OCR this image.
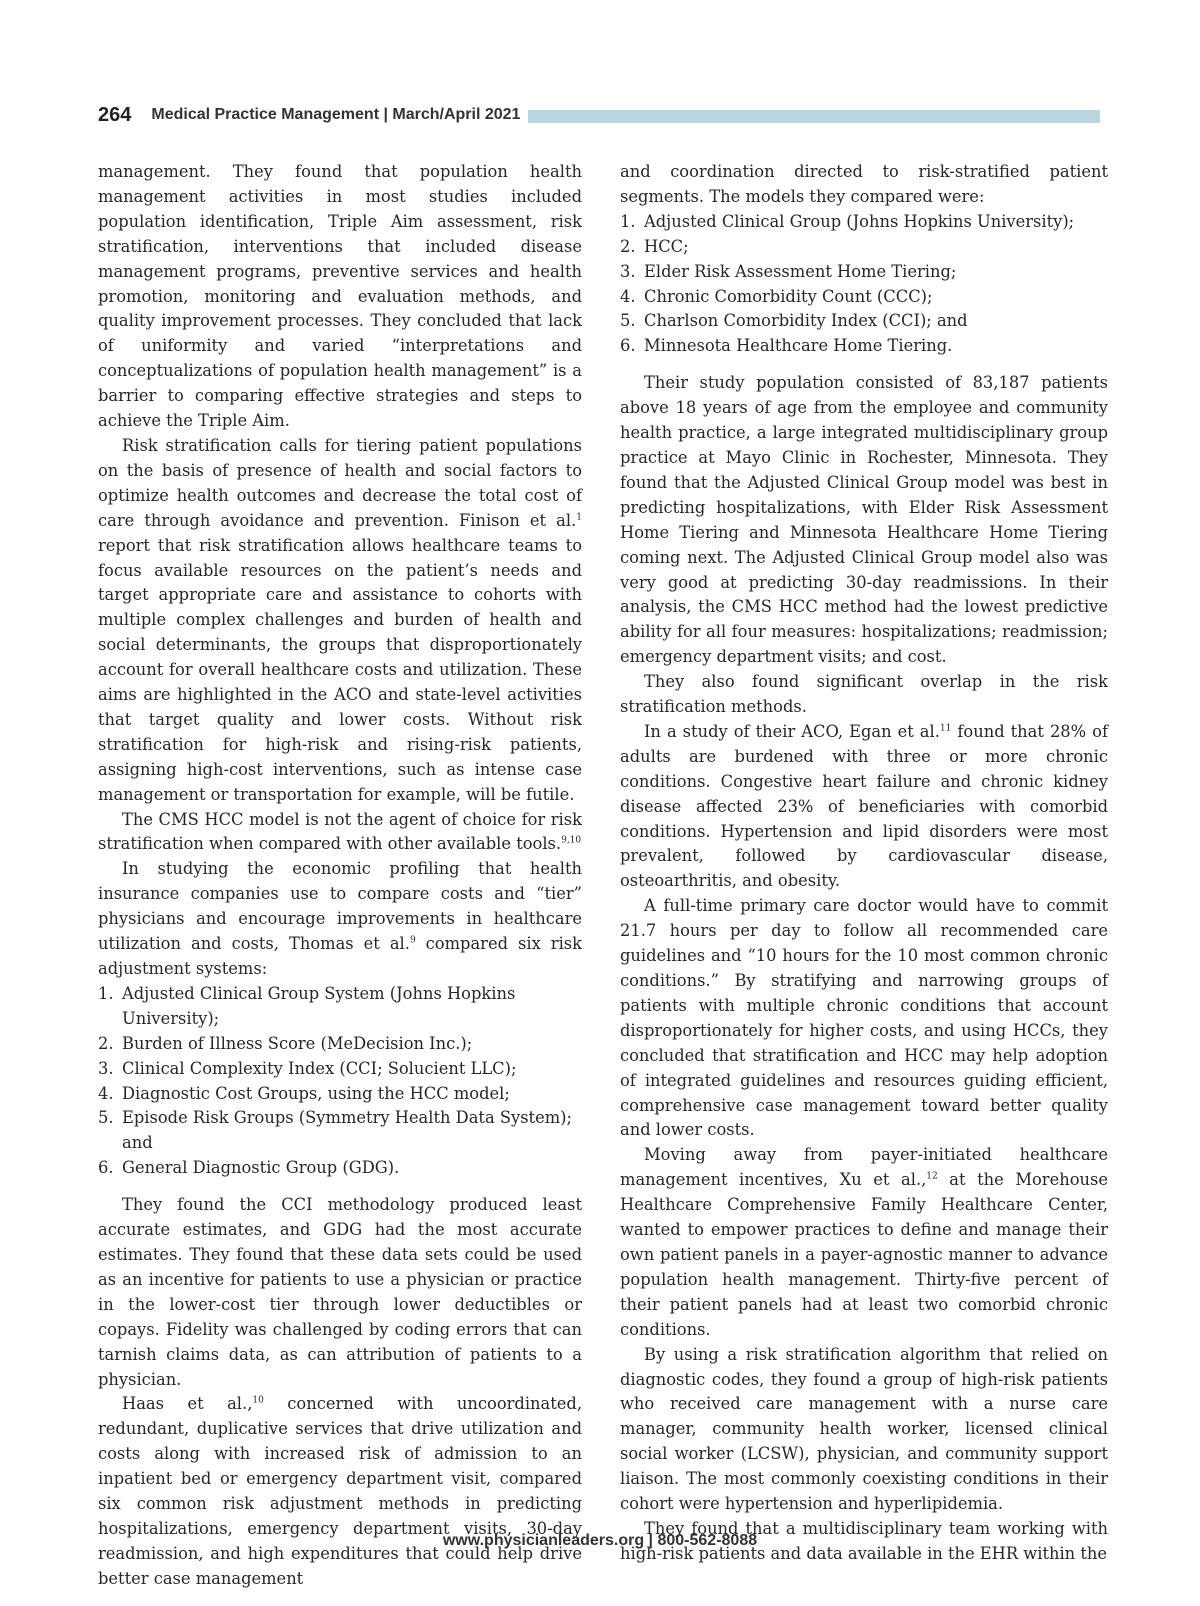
264 Medical Practice Management | March/April 2021

management. They found that population health management activities in most studies included population identification, Triple Aim assessment, risk stratification, interventions that included disease management programs, preventive services and health promotion, monitoring and evaluation methods, and quality improvement processes. They concluded that lack of uniformity and varied “interpretations and conceptualizations of population health management” is a barrier to comparing effective strategies and steps to achieve the Triple Aim.

Risk stratification calls for tiering patient populations on the basis of presence of health and social factors to optimize health outcomes and decrease the total cost of care through avoidance and prevention. Finison et al.$^1$ report that risk stratification allows healthcare teams to focus available resources on the patient’s needs and target appropriate care and assistance to cohorts with multiple complex challenges and burden of health and social determinants, the groups that disproportionately account for overall healthcare costs and utilization. These aims are highlighted in the ACO and state-level activities that target quality and lower costs. Without risk stratification for high-risk and rising-risk patients, assigning high-cost interventions, such as intense case management or transportation for example, will be futile.

The CMS HCC model is not the agent of choice for risk stratification when compared with other available tools.$^{9,10}$

In studying the economic profiling that health insurance companies use to compare costs and “tier” physicians and encourage improvements in healthcare utilization and costs, Thomas et al.$^9$ compared six risk adjustment systems:

1. Adjusted Clinical Group System (Johns Hopkins University);
2. Burden of Illness Score (MeDecision Inc.);
3. Clinical Complexity Index (CCI; Solucient LLC);
4. Diagnostic Cost Groups, using the HCC model;
5. Episode Risk Groups (Symmetry Health Data System); and
6. General Diagnostic Group (GDG).

They found the CCI methodology produced least accurate estimates, and GDG had the most accurate estimates. They found that these data sets could be used as an incentive for patients to use a physician or practice in the lower-cost tier through lower deductibles or copays. Fidelity was challenged by coding errors that can tarnish claims data, as can attribution of patients to a physician.

Haas et al.,$^{10}$ concerned with uncoordinated, redundant, duplicative services that drive utilization and costs along with increased risk of admission to an inpatient bed or emergency department visit, compared six common risk adjustment methods in predicting hospitalizations, emergency department visits, 30-day readmission, and high expenditures that could help drive better case management

and coordination directed to risk-stratified patient segments. The models they compared were:

1. Adjusted Clinical Group (Johns Hopkins University);
2. HCC;
3. Elder Risk Assessment Home Tiering;
4. Chronic Comorbidity Count (CCC);
5. Charlson Comorbidity Index (CCI); and
6. Minnesota Healthcare Home Tiering.

Their study population consisted of 83,187 patients above 18 years of age from the employee and community health practice, a large integrated multidisciplinary group practice at Mayo Clinic in Rochester, Minnesota. They found that the Adjusted Clinical Group model was best in predicting hospitalizations, with Elder Risk Assessment Home Tiering and Minnesota Healthcare Home Tiering coming next. The Adjusted Clinical Group model also was very good at predicting 30-day readmissions. In their analysis, the CMS HCC method had the lowest predictive ability for all four measures: hospitalizations; readmission; emergency department visits; and cost.

They also found significant overlap in the risk stratification methods.

In a study of their ACO, Egan et al.$^{11}$ found that 28% of adults are burdened with three or more chronic conditions. Congestive heart failure and chronic kidney disease affected 23% of beneficiaries with comorbid conditions. Hypertension and lipid disorders were most prevalent, followed by cardiovascular disease, osteoarthritis, and obesity.

A full-time primary care doctor would have to commit 21.7 hours per day to follow all recommended care guidelines and “10 hours for the 10 most common chronic conditions.” By stratifying and narrowing groups of patients with multiple chronic conditions that account disproportionately for higher costs, and using HCCs, they concluded that stratification and HCC may help adoption of integrated guidelines and resources guiding efficient, comprehensive case management toward better quality and lower costs.

Moving away from payer-initiated healthcare management incentives, Xu et al.,$^{12}$ at the Morehouse Healthcare Comprehensive Family Healthcare Center, wanted to empower practices to define and manage their own patient panels in a payer-agnostic manner to advance population health management. Thirty-five percent of their patient panels had at least two comorbid chronic conditions.

By using a risk stratification algorithm that relied on diagnostic codes, they found a group of high-risk patients who received care management with a nurse care manager, community health worker, licensed clinical social worker (LCSW), physician, and community support liaison. The most commonly coexisting conditions in their cohort were hypertension and hyperlipidemia.

They found that a multidisciplinary team working with high-risk patients and data available in the EHR within the

www.physicianleaders.org | 800-562-8088
